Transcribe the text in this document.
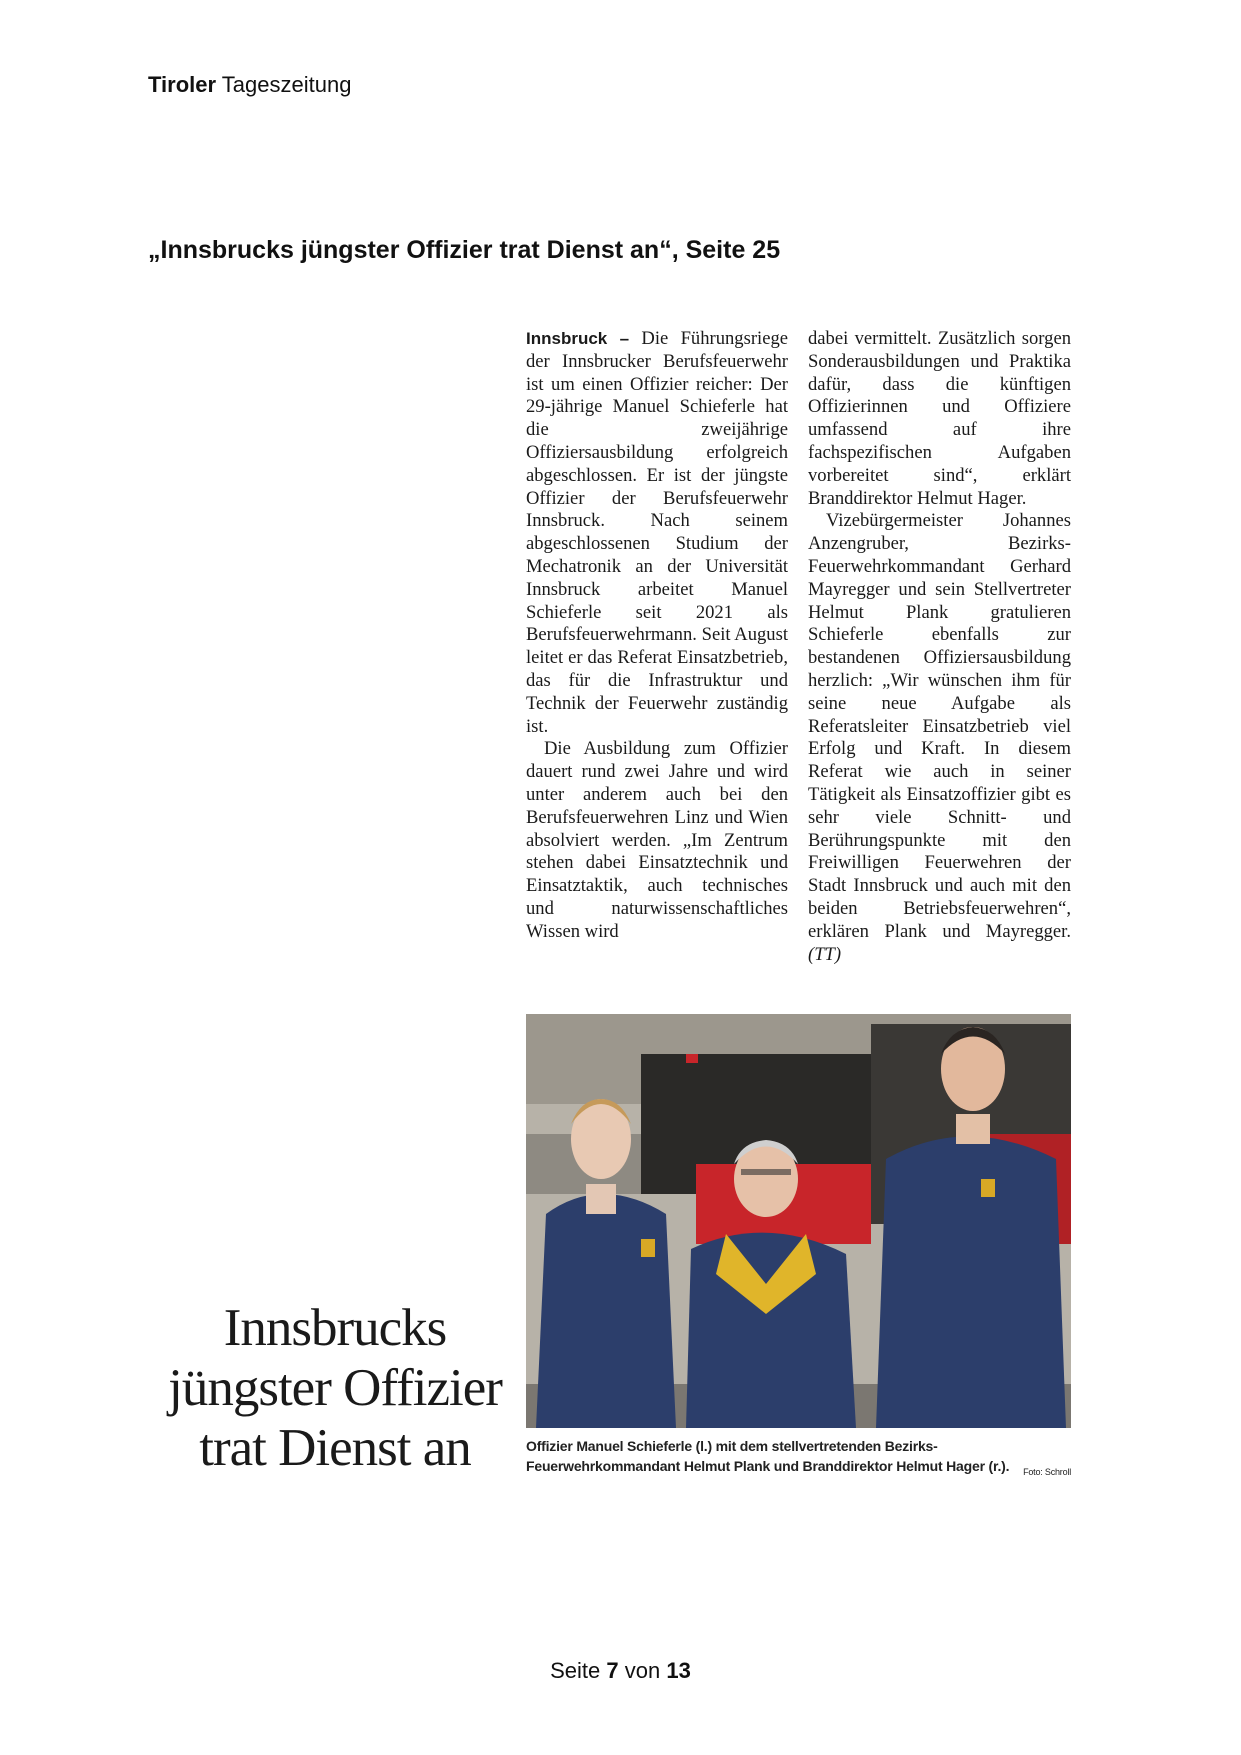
Tiroler Tageszeitung
„Innsbrucks jüngster Offizier trat Dienst an“, Seite 25

Innsbruck – Die Führungsriege der Innsbrucker Berufsfeuerwehr ist um einen Offizier reicher: Der 29-jährige Manuel Schieferle hat die zweijährige Offiziersausbildung erfolgreich abgeschlossen. Er ist der jüngste Offizier der Berufsfeuerwehr Innsbruck. Nach seinem abgeschlossenen Studium der Mechatronik an der Universität Innsbruck arbeitet Manuel Schieferle seit 2021 als Berufsfeuerwehrmann. Seit August leitet er das Referat Einsatzbetrieb, das für die Infrastruktur und Technik der Feuerwehr zuständig ist.

Die Ausbildung zum Offizier dauert rund zwei Jahre und wird unter anderem auch bei den Berufsfeuerwehren Linz und Wien absolviert werden. „Im Zentrum stehen dabei Einsatztechnik und Einsatztaktik, auch technisches und naturwissenschaftliches Wissen wird

dabei vermittelt. Zusätzlich sorgen Sonderausbildungen und Praktika dafür, dass die künftigen Offizierinnen und Offiziere umfassend auf ihre fachspezifischen Aufgaben vorbereitet sind“, erklärt Branddirektor Helmut Hager.

Vizebürgermeister Johannes Anzengruber, Bezirks-Feuerwehrkommandant Gerhard Mayregger und sein Stellvertreter Helmut Plank gratulieren Schieferle ebenfalls zur bestandenen Offiziersausbildung herzlich: „Wir wünschen ihm für seine neue Aufgabe als Referatsleiter Einsatzbetrieb viel Erfolg und Kraft. In diesem Referat wie auch in seiner Tätigkeit als Einsatzoffizier gibt es sehr viele Schnitt- und Berührungspunkte mit den Freiwilligen Feuerwehren der Stadt Innsbruck und auch mit den beiden Betriebsfeuerwehren“, erklären Plank und Mayregger. (TT)

Offizier Manuel Schieferle (l.) mit dem stellvertretenden Bezirks-Feuerwehrkommandant Helmut Plank und Branddirektor Helmut Hager (r.). Foto: Schroll
Innsbrucks
jüngster Offizier
trat Dienst an
Seite 7 von 13
